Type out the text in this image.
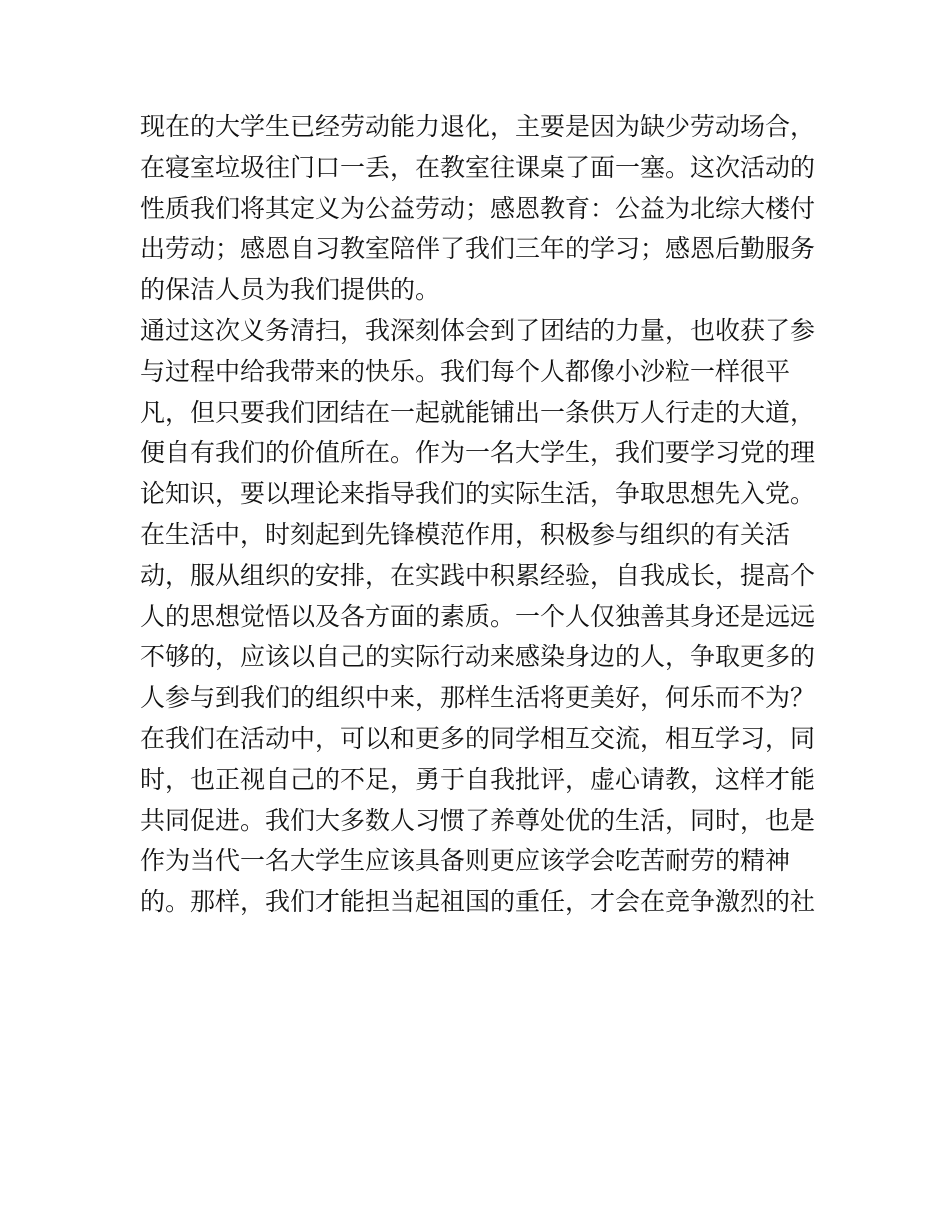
现在的大学生已经劳动能力退化，主要是因为缺少劳动场合，
在寝室垃圾往门口一丢，在教室往课桌了面一塞。这次活动的
性质我们将其定义为公益劳动；感恩教育：公益为北综大楼付
出劳动；感恩自习教室陪伴了我们三年的学习；感恩后勤服务
的保洁人员为我们提供的。
通过这次义务清扫，我深刻体会到了团结的力量，也收获了参
与过程中给我带来的快乐。我们每个人都像小沙粒一样很平
凡，但只要我们团结在一起就能铺出一条供万人行走的大道，
便自有我们的价值所在。作为一名大学生，我们要学习党的理
论知识，要以理论来指导我们的实际生活，争取思想先入党。
在生活中，时刻起到先锋模范作用，积极参与组织的有关活
动，服从组织的安排，在实践中积累经验，自我成长，提高个
人的思想觉悟以及各方面的素质。一个人仅独善其身还是远远
不够的，应该以自己的实际行动来感染身边的人，争取更多的
人参与到我们的组织中来，那样生活将更美好，何乐而不为？
在我们在活动中，可以和更多的同学相互交流，相互学习，同
时，也正视自己的不足，勇于自我批评，虚心请教，这样才能
共同促进。我们大多数人习惯了养尊处优的生活，同时，也是
作为当代一名大学生应该具备则更应该学会吃苦耐劳的精神
的。那样，我们才能担当起祖国的重任，才会在竞争激烈的社
